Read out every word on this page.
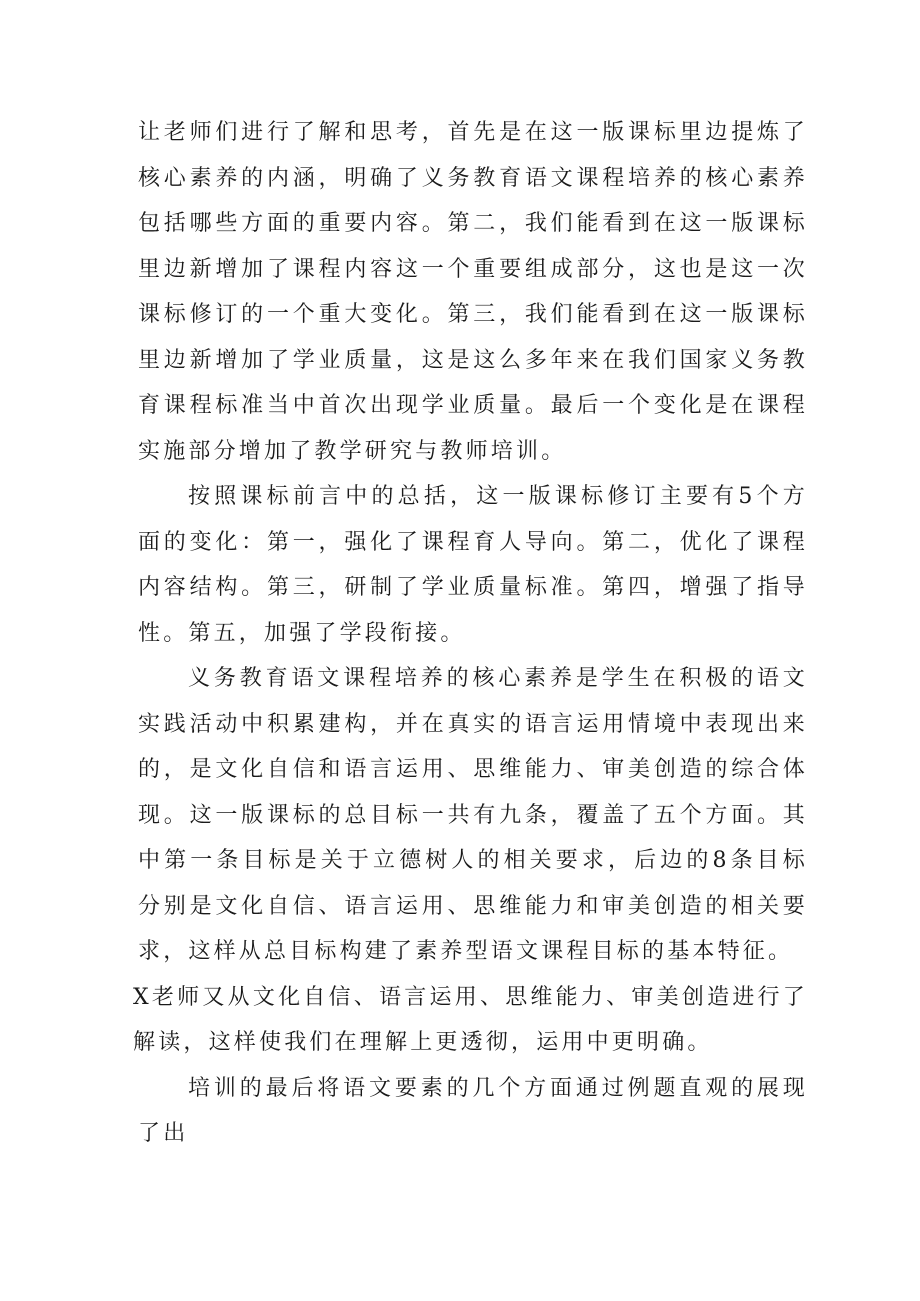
让老师们进行了解和思考，首先是在这一版课标里边提炼了核心素养的内涵，明确了义务教育语文课程培养的核心素养包括哪些方面的重要内容。第二，我们能看到在这一版课标里边新增加了课程内容这一个重要组成部分，这也是这一次课标修订的一个重大变化。第三，我们能看到在这一版课标里边新增加了学业质量，这是这么多年来在我们国家义务教育课程标准当中首次出现学业质量。最后一个变化是在课程实施部分增加了教学研究与教师培训。

按照课标前言中的总括，这一版课标修订主要有5个方面的变化：第一，强化了课程育人导向。第二，优化了课程内容结构。第三，研制了学业质量标准。第四，增强了指导性。第五，加强了学段衔接。

义务教育语文课程培养的核心素养是学生在积极的语文实践活动中积累建构，并在真实的语言运用情境中表现出来的，是文化自信和语言运用、思维能力、审美创造的综合体现。这一版课标的总目标一共有九条，覆盖了五个方面。其中第一条目标是关于立德树人的相关要求，后边的8条目标分别是文化自信、语言运用、思维能力和审美创造的相关要求，这样从总目标构建了素养型语文课程目标的基本特征。

X老师又从文化自信、语言运用、思维能力、审美创造进行了解读，这样使我们在理解上更透彻，运用中更明确。

培训的最后将语文要素的几个方面通过例题直观的展现了出
